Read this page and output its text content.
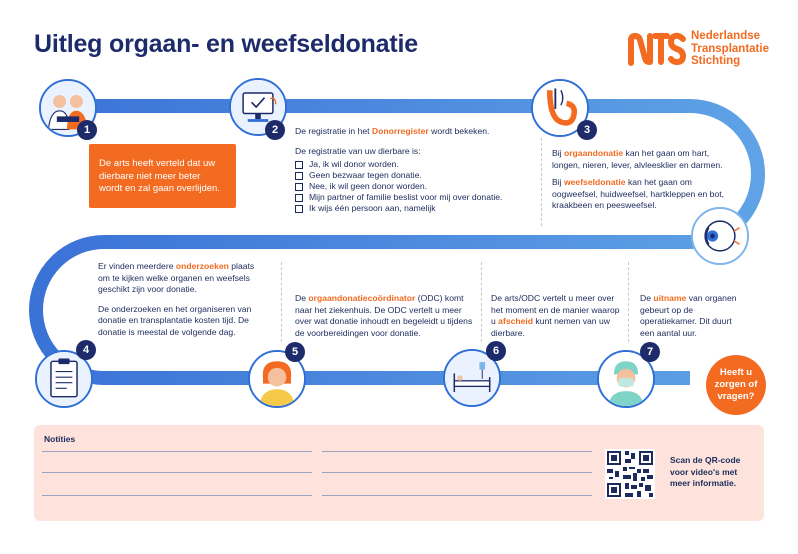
Uitleg orgaan- en weefseldonatie	Nederlandse
Transplantatie
Stichting
1	2	3
4	5	6	7
De arts heeft verteld dat uw dierbare niet meer beter wordt en zal gaan overlijden.

De registratie in het Donorregister wordt bekeken.

De registratie van uw dierbare is:
Ja, ik wil donor worden.
Geen bezwaar tegen donatie.
Nee, ik wil geen donor worden.
Mijn partner of familie beslist voor mij over donatie.
Ik wijs één persoon aan, namelijk

Bij orgaandonatie kan het gaan om hart, longen, nieren, lever, alvleesklier en darmen.

Bij weefseldonatie kan het gaan om oogweefsel, huidweefsel, hartkleppen en bot, kraakbeen en peesweefsel.

Er vinden meerdere onderzoeken plaats om te kijken welke organen en weefsels geschikt zijn voor donatie.

De onderzoeken en het organiseren van donatie en transplantatie kosten tijd. De donatie is meestal de volgende dag.

De orgaandonatiecoördinator (ODC) komt naar het ziekenhuis. De ODC vertelt u meer over wat donatie inhoudt en begeleidt u tijdens de voorbereidingen voor donatie.

De arts/ODC vertelt u meer over het moment en de manier waarop u afscheid kunt nemen van uw dierbare.

De uitname van organen gebeurt op de operatiekamer. Dit duurt een aantal uur.

Heeft u
zorgen of
vragen?
Notities
Scan de QR-code
voor video's met
meer informatie.
